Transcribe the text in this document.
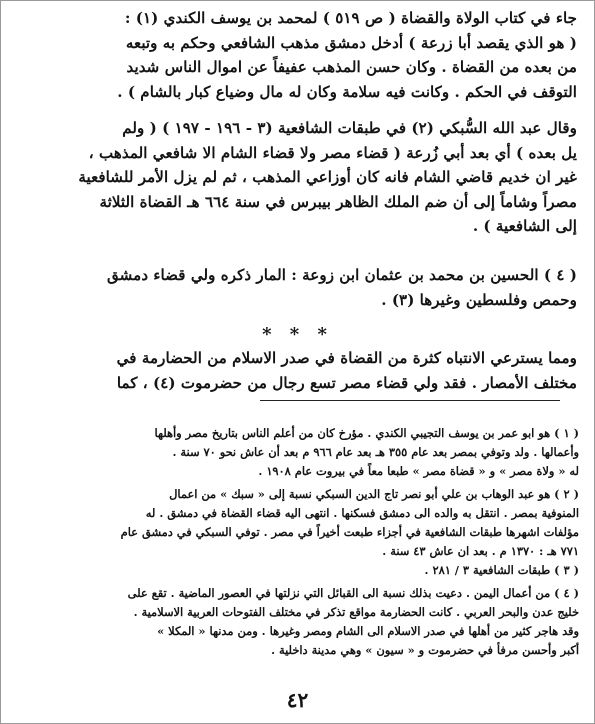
جاء في كتاب الولاة والقضاة ( ص ٥١٩ ) لمحمد بن يوسف الكندي (١) :
( هو الذي يقصد أبا زرعة ) أدخل دمشق مذهب الشافعي وحكم به وتبعه
من بعده من القضاة . وكان حسن المذهب عفيفاً عن اموال الناس شديد
التوقف في الحكم . وكانت فيه سلامة وكان له مال وضياع كبار بالشام ) .

وقال عبد الله السُّبكي (٢) في طبقات الشافعية (٣ - ١٩٦ - ١٩٧ ) ( ولم
يل بعده ) أي بعد أبي زُرعة ( قضاء مصر ولا قضاء الشام الا شافعي المذهب ،
غير ان خديم قاضي الشام فانه كان أوزاعي المذهب ، ثم لم يزل الأمر للشافعية
مصراً وشاماً إلى أن ضم الملك الظاهر بيبرس في سنة ٦٦٤ هـ القضاة الثلاثة
إلى الشافعية ) .

( ٤ ) الحسين بن محمد بن عثمان ابن زوعة : المار ذكره ولي قضاء دمشق
وحمص وفلسطين وغيرها (٣) .

* * *

ومما يسترعي الانتباه كثرة من القضاة في صدر الاسلام من الحضارمة في
مختلف الأمصار . فقد ولي قضاء مصر تسع رجال من حضرموت (٤) ، كما

( ١ ) هو ابو عمر بن يوسف التجيبي الكندي . مؤرخ كان من أعلم الناس بتاريخ مصر وأهلها
وأعمالها . ولد وتوفي بمصر بعد عام ٣٥٥ هـ بعد عام ٩٦٦ م بعد أن عاش نحو ٧٠ سنة .
له « ولاة مصر » و « قضاة مصر » طبعا معاً في بيروت عام ١٩٠٨ .
( ٢ ) هو عبد الوهاب بن علي أبو نصر تاج الدين السبكي نسبة إلى « سبك » من اعمال
المنوفية بمصر . انتقل به والده الى دمشق فسكنها . انتهى اليه قضاء القضاة في دمشق . له
مؤلفات اشهرها طبقات الشافعية في أجزاء طبعت أخيراً في مصر . توفي السبكي في دمشق عام
٧٧١ هـ : ١٣٧٠ م . بعد ان عاش ٤٣ سنة .
( ٣ ) طبقات الشافعية ٣ / ٢٨١ .
( ٤ ) من أعمال اليمن . دعيت بذلك نسبة الى القبائل التي نزلتها في العصور الماضية . تقع على
خليج عدن والبحر العربي . كانت الحضارمة مواقع تذكر في مختلف الفتوحات العربية الاسلامية .
وقد هاجر كثير من أهلها في صدر الاسلام الى الشام ومصر وغيرها . ومن مدنها « المكلا »
أكبر وأحسن مرفأ في حضرموت و « سيون » وهي مدينة داخلية .
٤٢
